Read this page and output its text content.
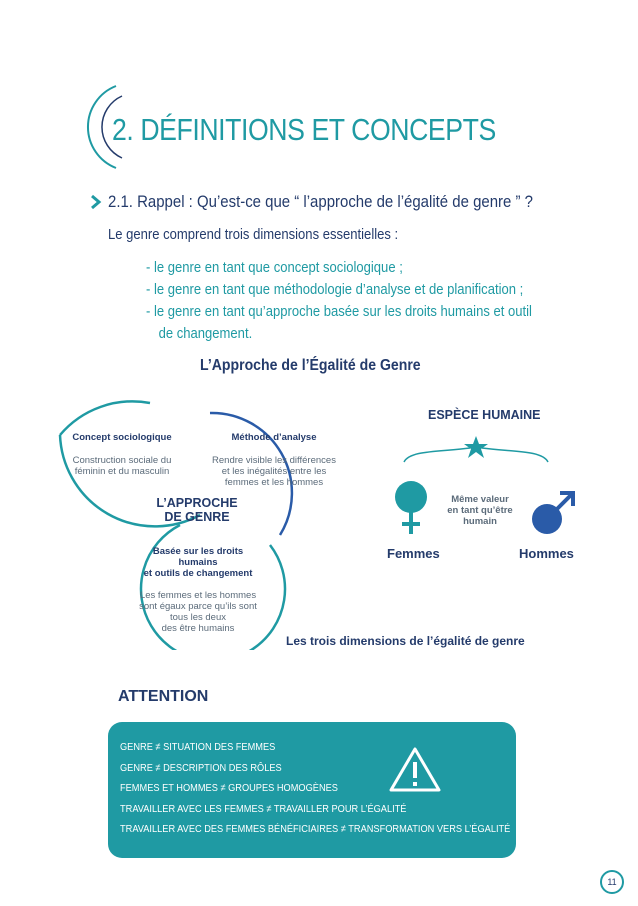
2. DÉFINITIONS ET CONCEPTS
2.1. Rappel : Qu’est-ce que “ l’approche de l’égalité de genre ” ?
Le genre comprend trois dimensions essentielles :
- le genre en tant que concept sociologique ;
- le genre en tant que méthodologie d’analyse et de planification ;
- le genre en tant qu’approche basée sur les droits humains et outil
de changement.
L’Approche de l’Égalité de Genre
Concept sociologique
Construction sociale du
féminin et du masculin
Méthode d’analyse
Rendre visible les différences
et les inégalités entre les
femmes et les hommes
L’APPROCHE
DE GENRE
Basée sur les droits
humains
et outils de changement
Les femmes et les hommes
sont égaux parce qu’ils sont
tous les deux
des être humains
ESPÈCE HUMAINE
Même valeur
en tant qu’être
humain
Femmes	Hommes
Les trois dimensions de l’égalité de genre
ATTENTION
GENRE ≠ SITUATION DES FEMMES
GENRE ≠ DESCRIPTION DES RÔLES
FEMMES ET HOMMES ≠ GROUPES HOMOGÈNES
TRAVAILLER AVEC LES FEMMES ≠ TRAVAILLER POUR L’ÉGALITÉ
TRAVAILLER AVEC DES FEMMES BÉNÉFICIAIRES ≠ TRANSFORMATION VERS L’ÉGALITÉ
11
